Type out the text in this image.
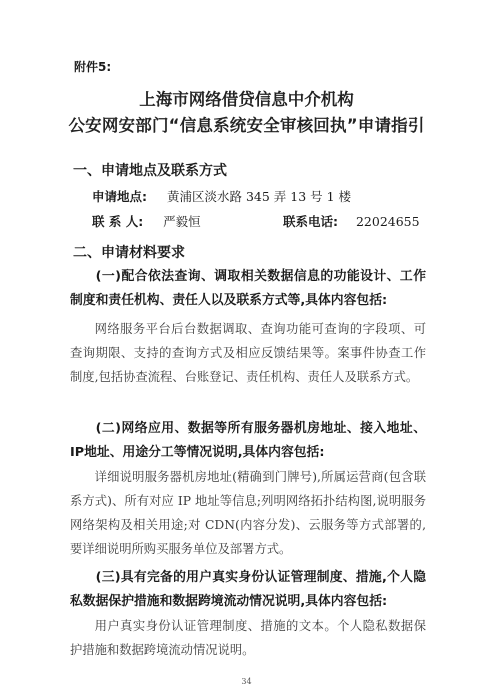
附件5:
上海市网络借贷信息中介机构
公安网安部门“信息系统安全审核回执”申请指引
一、申请地点及联系方式
申请地点: 黄浦区淡水路 345 弄 13 号 1 楼
联 系 人: 严毅恒	联系电话: 22024655
二、申请材料要求
(一)配合依法查询、调取相关数据信息的功能设计、工作制度和责任机构、责任人以及联系方式等,具体内容包括:
网络服务平台后台数据调取、查询功能可查询的字段项、可查询期限、支持的查询方式及相应反馈结果等。案事件协查工作制度,包括协查流程、台账登记、责任机构、责任人及联系方式。
(二)网络应用、数据等所有服务器机房地址、接入地址、IP地址、用途分工等情况说明,具体内容包括:
详细说明服务器机房地址(精确到门牌号),所属运营商(包含联系方式)、所有对应 IP 地址等信息;列明网络拓扑结构图,说明服务网络架构及相关用途;对 CDN(内容分发)、云服务等方式部署的,要详细说明所购买服务单位及部署方式。
(三)具有完备的用户真实身份认证管理制度、措施,个人隐私数据保护措施和数据跨境流动情况说明,具体内容包括:
用户真实身份认证管理制度、措施的文本。个人隐私数据保护措施和数据跨境流动情况说明。
34
